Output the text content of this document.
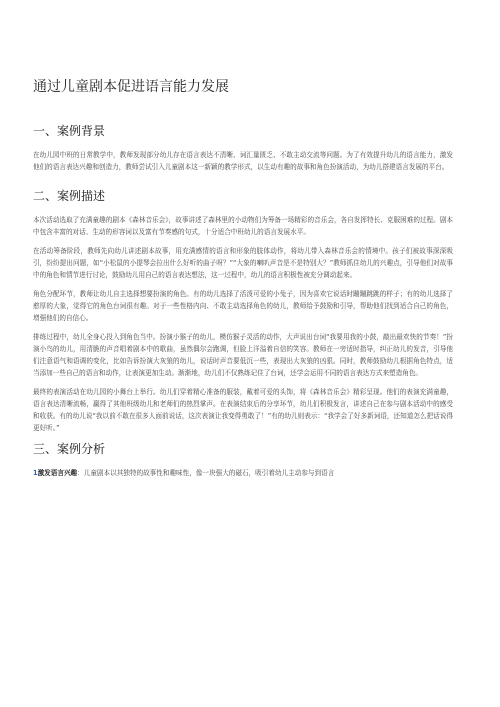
通过儿童剧本促进语言能力发展
一、案例背景

在幼儿园中班的日常教学中，教师发现部分幼儿存在语言表达不清晰、词汇量匮乏、不敢主动交流等问题。为了有效提升幼儿的语言能力，激发他们的语言表达兴趣和创造力，教师尝试引入儿童剧本这一新颖的教学形式，以生动有趣的故事和角色扮演活动，为幼儿搭建语言发展的平台。

二、案例描述

本次活动选取了充满童趣的剧本《森林音乐会》，故事讲述了森林里的小动物们为筹备一场精彩的音乐会，各自发挥特长、克服困难的过程。剧本中包含丰富的对话、生动的形容词以及富有节奏感的句式，十分适合中班幼儿的语言发展水平。

在活动筹备阶段，教师先向幼儿讲述剧本故事，用充满感情的语言和形象的肢体动作，将幼儿带入森林音乐会的情境中。孩子们被故事深深吸引，纷纷提出问题，如“小松鼠的小提琴会拉出什么好听的曲子呀？”“大象的喇叭声音是不是特别大？”教师抓住幼儿的兴趣点，引导他们对故事中的角色和情节进行讨论，鼓励幼儿用自己的语言表达想法，这一过程中，幼儿的语言积极性被充分调动起来。

角色分配环节，教师让幼儿自主选择想要扮演的角色。有的幼儿选择了活泼可爱的小兔子，因为喜欢它说话时蹦蹦跳跳的样子；有的幼儿选择了憨厚的大象，觉得它的角色台词很有趣。对于一些性格内向、不敢主动选择角色的幼儿，教师给予鼓励和引导，帮助他们找到适合自己的角色，增强他们的自信心。

排练过程中，幼儿全身心投入到角色当中。扮演小猴子的幼儿，模仿猴子灵活的动作，大声说出台词“我要用我的小鼓，敲出最欢快的节奏！”扮演小鸟的幼儿，用清脆的声音唱着剧本中的歌曲，虽然偶尔会跑调，但脸上洋溢着自信的笑容。教师在一旁适时指导，纠正幼儿的发音，引导他们注意语气和语调的变化，比如告诉扮演大灰狼的幼儿，说话时声音要低沉一些，表现出大灰狼的凶狠。同时，教师鼓励幼儿根据角色特点，适当添加一些自己的语言和动作，让表演更加生动。渐渐地，幼儿们不仅熟练记住了台词，还学会运用不同的语言表达方式来塑造角色。

最终的表演活动在幼儿园的小舞台上举行。幼儿们穿着精心准备的服装，戴着可爱的头饰，将《森林音乐会》精彩呈现。他们的表演充满童趣，语言表达清晰流畅，赢得了其他班级幼儿和老师们的热烈掌声。在表演结束后的分享环节，幼儿们积极发言，讲述自己在参与剧本活动中的感受和收获。有的幼儿说“我以前不敢在很多人面前说话，这次表演让我变得勇敢了！”有的幼儿则表示：“我学会了好多新词语，还知道怎么把话说得更好听。”

三、案例分析

1激发语言兴趣：儿童剧本以其独特的故事性和趣味性，像一块强大的磁石，吸引着幼儿主动参与到语言
